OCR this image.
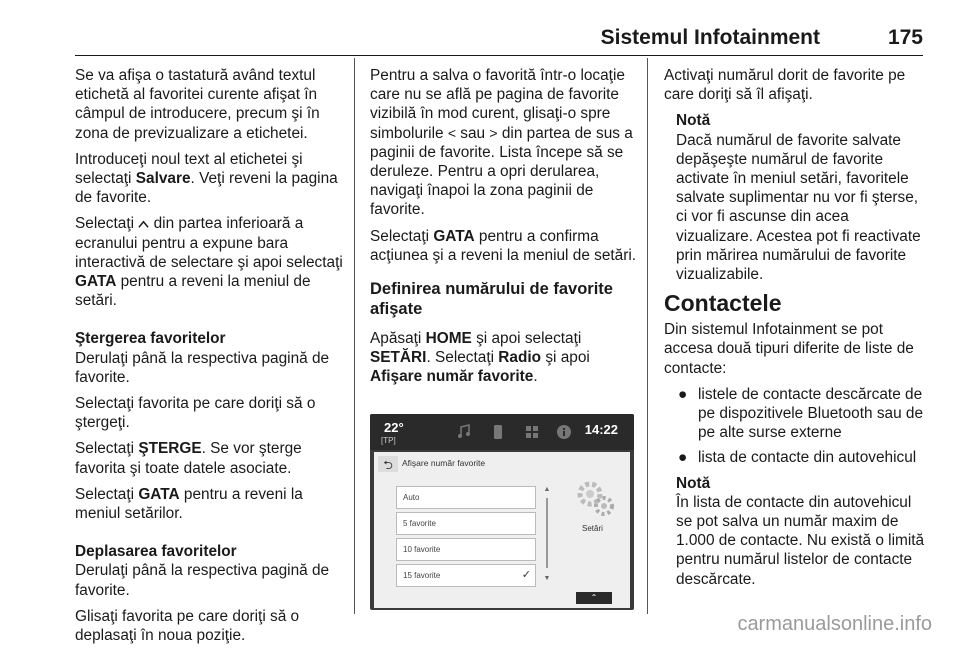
Sistemul Infotainment	175

Se va afişa o tastatură având textul etichetă al favoritei curente afişat în câmpul de introducere, precum şi în zona de previzualizare a etichetei.

Introduceţi noul text al etichetei şi selectaţi Salvare. Veţi reveni la pagina de favorite.

Selectaţi  din partea inferioară a ecranului pentru a expune bara interactivă de selectare şi apoi selectaţi GATA pentru a reveni la meniul de setări.

Ştergerea favoritelor

Derulaţi până la respectiva pagină de favorite.

Selectaţi favorita pe care doriţi să o ştergeţi.

Selectaţi ŞTERGE. Se vor şterge favorita şi toate datele asociate.

Selectaţi GATA pentru a reveni la meniul setărilor.

Deplasarea favoritelor

Derulaţi până la respectiva pagină de favorite.

Glisaţi favorita pe care doriţi să o deplasaţi în noua poziţie.

Pentru a salva o favorită într-o locaţie care nu se află pe pagina de favorite vizibilă în mod curent, glisaţi-o spre simbolurile < sau > din partea de sus a paginii de favorite. Lista începe să se deruleze. Pentru a opri derularea, navigaţi înapoi la zona paginii de favorite.

Selectaţi GATA pentru a confirma acţiunea şi a reveni la meniul de setări.

Definirea numărului de favorite afişate

Apăsaţi HOME şi apoi selectaţi SETĂRI. Selectaţi Radio şi apoi Afişare număr favorite.

22°
[TP]
14:22
⮌	Afişare număr favorite
Auto
5 favorite
10 favorite
15 favorite	✓
▲
▼
Setări
⌃

Activaţi numărul dorit de favorite pe care doriţi să îl afişaţi.

Notă
Dacă numărul de favorite salvate depăşeşte numărul de favorite activate în meniul setări, favoritele salvate suplimentar nu vor fi şterse, ci vor fi ascunse din acea vizualizare. Acestea pot fi reactivate prin mărirea numărului de favorite vizualizabile.
Contactele

Din sistemul Infotainment se pot accesa două tipuri diferite de liste de contacte:

● listele de contacte descărcate de pe dispozitivele Bluetooth sau de pe alte surse externe
● lista de contacte din autovehicul
Notă
În lista de contacte din autovehicul se pot salva un număr maxim de 1.000 de contacte. Nu există o limită pentru numărul listelor de contacte descărcate.
carmanualsonline.info
